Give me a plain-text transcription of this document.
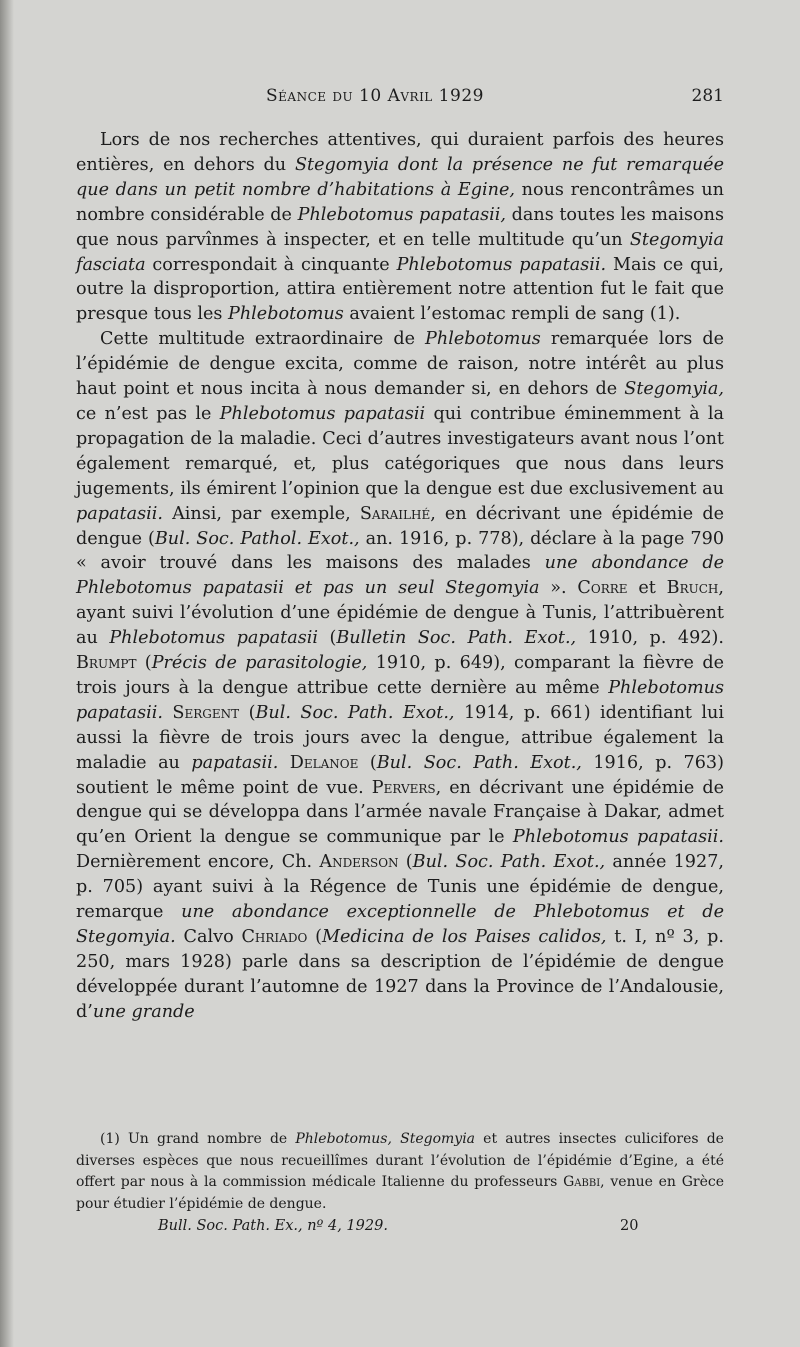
Séance du 10 Avril 1929	281

Lors de nos recherches attentives, qui duraient parfois des heures entières, en dehors du Stegomyia dont la présence ne fut remarquée que dans un petit nombre d’habitations à Egine, nous rencontrâmes un nombre considérable de Phlebotomus papatasii, dans toutes les maisons que nous parvînmes à inspecter, et en telle multitude qu’un Stegomyia fasciata correspondait à cinquante Phlebotomus papatasii. Mais ce qui, outre la disproportion, attira entièrement notre attention fut le fait que presque tous les Phlebotomus avaient l’estomac rempli de sang (1).

Cette multitude extraordinaire de Phlebotomus remarquée lors de l’épidémie de dengue excita, comme de raison, notre intérêt au plus haut point et nous incita à nous demander si, en dehors de Stegomyia, ce n’est pas le Phlebotomus papatasii qui contribue éminemment à la propagation de la maladie. Ceci d’autres investigateurs avant nous l’ont également remarqué, et, plus catégoriques que nous dans leurs jugements, ils émirent l’opinion que la dengue est due exclusivement au papatasii. Ainsi, par exemple, Sarailhé, en décrivant une épidémie de dengue (Bul. Soc. Pathol. Exot., an. 1916, p. 778), déclare à la page 790 « avoir trouvé dans les maisons des malades une abondance de Phlebotomus papatasii et pas un seul Stegomyia ». Corre et Bruch, ayant suivi l’évolution d’une épidémie de dengue à Tunis, l’attribuèrent au Phlebotomus papatasii (Bulletin Soc. Path. Exot., 1910, p. 492). Brumpt (Précis de parasitologie, 1910, p. 649), comparant la fièvre de trois jours à la dengue attribue cette dernière au même Phlebotomus papatasii. Sergent (Bul. Soc. Path. Exot., 1914, p. 661) identifiant lui aussi la fièvre de trois jours avec la dengue, attribue également la maladie au papatasii. Delanoe (Bul. Soc. Path. Exot., 1916, p. 763) soutient le même point de vue. Pervers, en décrivant une épidémie de dengue qui se développa dans l’armée navale Française à Dakar, admet qu’en Orient la dengue se communique par le Phlebotomus papatasii. Dernièrement encore, Ch. Anderson (Bul. Soc. Path. Exot., année 1927, p. 705) ayant suivi à la Régence de Tunis une épidémie de dengue, remarque une abondance exceptionnelle de Phlebotomus et de Stegomyia. Calvo Chriado (Medicina de los Paises calidos, t. I, nº 3, p. 250, mars 1928) parle dans sa description de l’épidémie de dengue développée durant l’automne de 1927 dans la Province de l’Andalousie, d’une grande

(1) Un grand nombre de Phlebotomus, Stegomyia et autres insectes culicifores de diverses espèces que nous recueillîmes durant l’évolution de l’épidémie d’Egine, a été offert par nous à la commission médicale Italienne du professeurs Gabbi, venue en Grèce pour étudier l’épidémie de dengue.

Bull. Soc. Path. Ex., nº 4, 1929.	20
